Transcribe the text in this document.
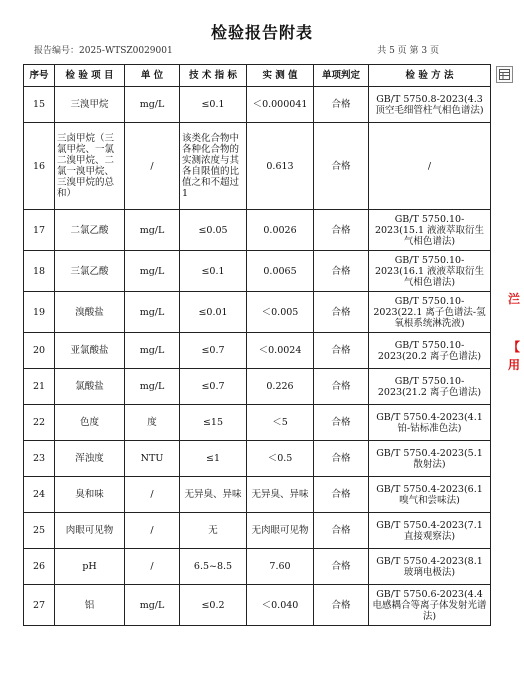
检验报告附表
报告编号：2025-WTSZ0029001	共 5 页 第 3 页
序号	检 验 项 目	单 位	技 术 指 标	实 测 值	单项判定	检 验 方 法
15	三溴甲烷	mg/L	≤0.1	＜0.000041	合格	GB/T 5750.8-2023(4.3 顶空毛细管柱气相色谱法)
16	三卤甲烷（三氯甲烷、一氯二溴甲烷、二氯一溴甲烷、三溴甲烷的总和）	/	该类化合物中各种化合物的实测浓度与其各自限值的比值之和不超过1	0.613	合格	/
17	二氯乙酸	mg/L	≤0.05	0.0026	合格	GB/T 5750.10-2023(15.1 液液萃取衍生气相色谱法)
18	三氯乙酸	mg/L	≤0.1	0.0065	合格	GB/T 5750.10-2023(16.1 液液萃取衍生气相色谱法)
19	溴酸盐	mg/L	≤0.01	＜0.005	合格	GB/T 5750.10-2023(22.1 离子色谱法-氢氧根系统淋洗液)
20	亚氯酸盐	mg/L	≤0.7	＜0.0024	合格	GB/T 5750.10-2023(20.2 离子色谱法)
21	氯酸盐	mg/L	≤0.7	0.226	合格	GB/T 5750.10-2023(21.2 离子色谱法)
22	色度	度	≤15	＜5	合格	GB/T 5750.4-2023(4.1铂-钴标准色法)
23	浑浊度	NTU	≤1	＜0.5	合格	GB/T 5750.4-2023(5.1 散射法)
24	臭和味	/	无异臭、异味	无异臭、异味	合格	GB/T 5750.4-2023(6.1 嗅气和尝味法)
25	肉眼可见物	/	无	无肉眼可见物	合格	GB/T 5750.4-2023(7.1 直接观察法)
26	pH	/	6.5~8.5	7.60	合格	GB/T 5750.4-2023(8.1 玻璃电极法)
27	铝	mg/L	≤0.2	＜0.040	合格	GB/T 5750.6-2023(4.4 电感耦合等离子体发射光谱法)
㳕
【
用
